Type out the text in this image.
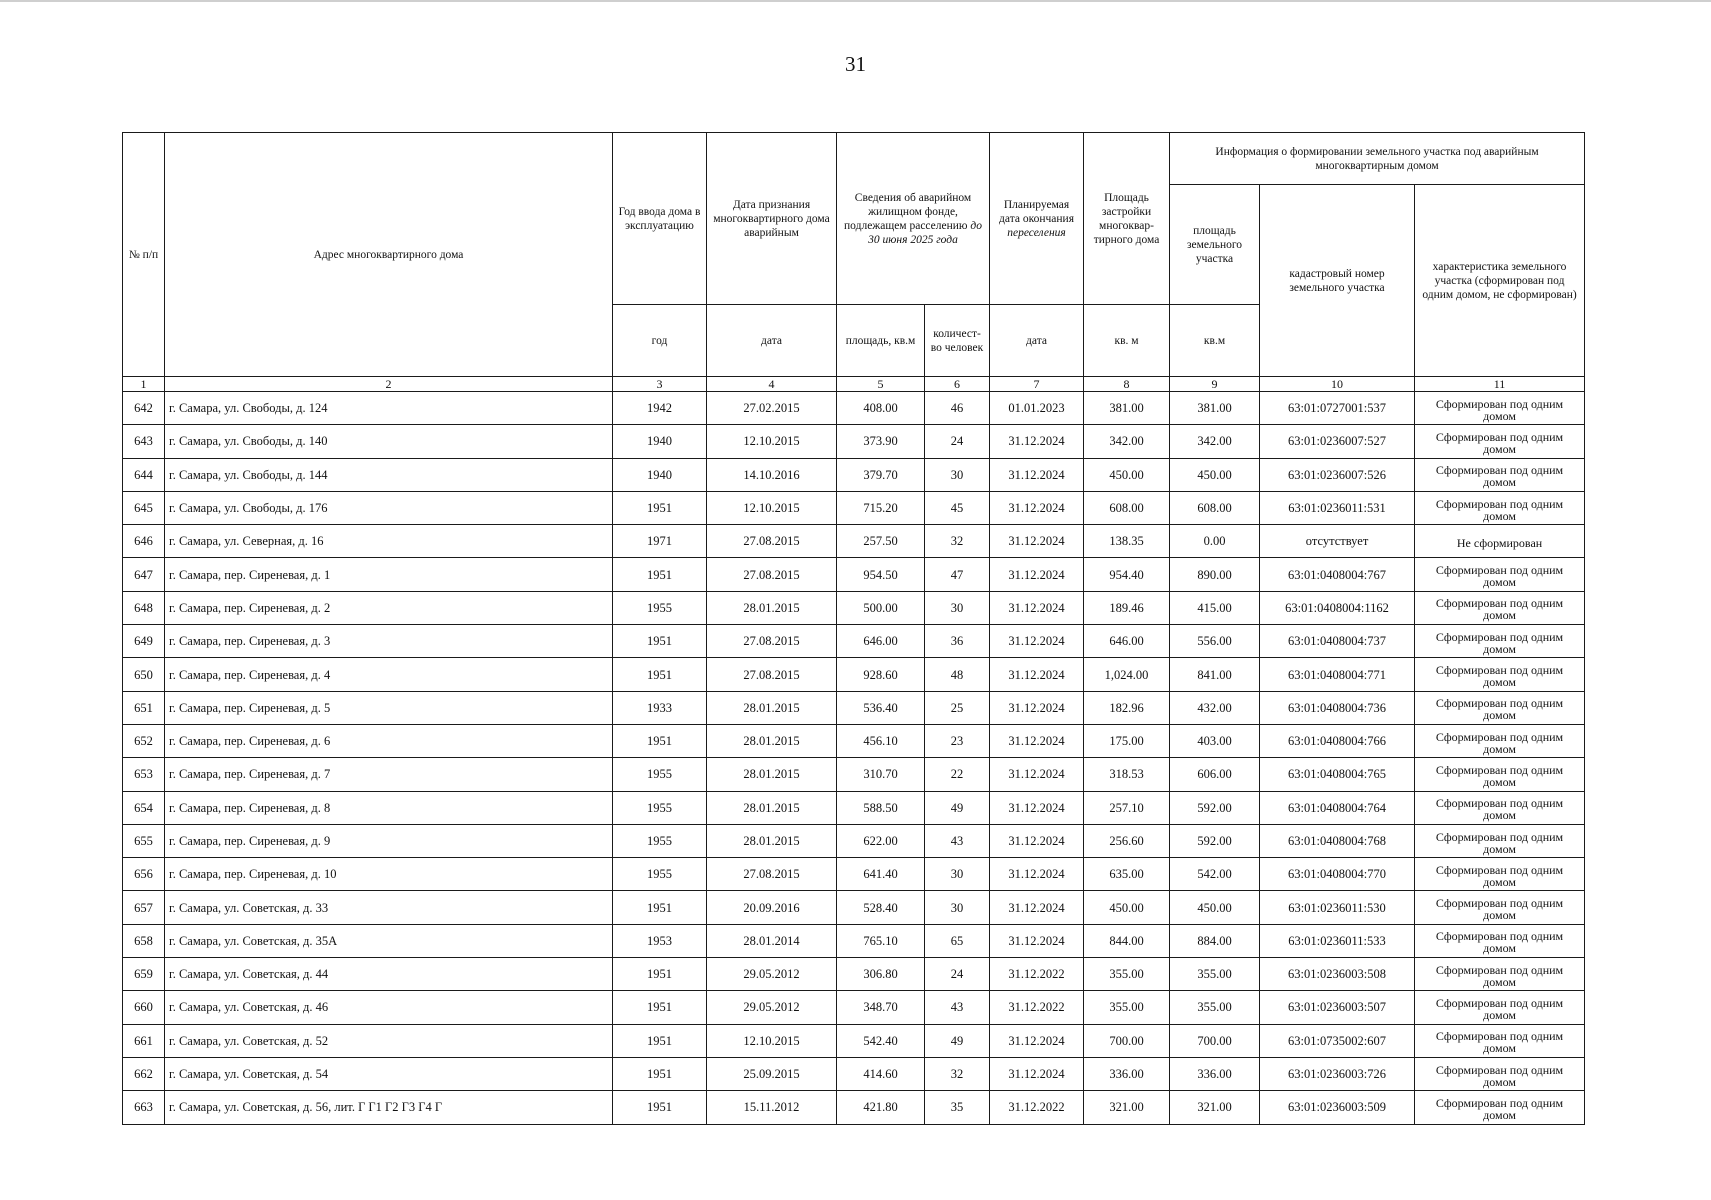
31
№ п/п	Адрес многоквартирного дома	Год ввода дома в эксплуатацию	Дата признания многоквартирного дома аварийным	Сведения об аварийном жилищном фонде, подлежащем расселению до 30 июня 2025 года		Планируемая дата окончания переселения	Площадь застройки многоквар-тирного дома	Информация о формировании земельного участка под аварийным многоквартирным домом		
								площадь земельного участка	кадастровый номер земельного участка	характеристика земельного участка (сформирован под одним домом, не сформирован)
		год	дата	площадь, кв.м	количест-во человек	дата	кв. м	кв.м		
1	2	3	4	5	6	7	8	9	10	11
642	г. Самара, ул. Свободы, д. 124	1942	27.02.2015	408.00	46	01.01.2023	381.00	381.00	63:01:0727001:537	Сформирован под одним домом
643	г. Самара, ул. Свободы, д. 140	1940	12.10.2015	373.90	24	31.12.2024	342.00	342.00	63:01:0236007:527	Сформирован под одним домом
644	г. Самара, ул. Свободы, д. 144	1940	14.10.2016	379.70	30	31.12.2024	450.00	450.00	63:01:0236007:526	Сформирован под одним домом
645	г. Самара, ул. Свободы, д. 176	1951	12.10.2015	715.20	45	31.12.2024	608.00	608.00	63:01:0236011:531	Сформирован под одним домом
646	г. Самара, ул. Северная, д. 16	1971	27.08.2015	257.50	32	31.12.2024	138.35	0.00	отсутствует	Не сформирован
647	г. Самара, пер. Сиреневая, д. 1	1951	27.08.2015	954.50	47	31.12.2024	954.40	890.00	63:01:0408004:767	Сформирован под одним домом
648	г. Самара, пер. Сиреневая, д. 2	1955	28.01.2015	500.00	30	31.12.2024	189.46	415.00	63:01:0408004:1162	Сформирован под одним домом
649	г. Самара, пер. Сиреневая, д. 3	1951	27.08.2015	646.00	36	31.12.2024	646.00	556.00	63:01:0408004:737	Сформирован под одним домом
650	г. Самара, пер. Сиреневая, д. 4	1951	27.08.2015	928.60	48	31.12.2024	1,024.00	841.00	63:01:0408004:771	Сформирован под одним домом
651	г. Самара, пер. Сиреневая, д. 5	1933	28.01.2015	536.40	25	31.12.2024	182.96	432.00	63:01:0408004:736	Сформирован под одним домом
652	г. Самара, пер. Сиреневая, д. 6	1951	28.01.2015	456.10	23	31.12.2024	175.00	403.00	63:01:0408004:766	Сформирован под одним домом
653	г. Самара, пер. Сиреневая, д. 7	1955	28.01.2015	310.70	22	31.12.2024	318.53	606.00	63:01:0408004:765	Сформирован под одним домом
654	г. Самара, пер. Сиреневая, д. 8	1955	28.01.2015	588.50	49	31.12.2024	257.10	592.00	63:01:0408004:764	Сформирован под одним домом
655	г. Самара, пер. Сиреневая, д. 9	1955	28.01.2015	622.00	43	31.12.2024	256.60	592.00	63:01:0408004:768	Сформирован под одним домом
656	г. Самара, пер. Сиреневая, д. 10	1955	27.08.2015	641.40	30	31.12.2024	635.00	542.00	63:01:0408004:770	Сформирован под одним домом
657	г. Самара, ул. Советская, д. 33	1951	20.09.2016	528.40	30	31.12.2024	450.00	450.00	63:01:0236011:530	Сформирован под одним домом
658	г. Самара, ул. Советская, д. 35А	1953	28.01.2014	765.10	65	31.12.2024	844.00	884.00	63:01:0236011:533	Сформирован под одним домом
659	г. Самара, ул. Советская, д. 44	1951	29.05.2012	306.80	24	31.12.2022	355.00	355.00	63:01:0236003:508	Сформирован под одним домом
660	г. Самара, ул. Советская, д. 46	1951	29.05.2012	348.70	43	31.12.2022	355.00	355.00	63:01:0236003:507	Сформирован под одним домом
661	г. Самара, ул. Советская, д. 52	1951	12.10.2015	542.40	49	31.12.2024	700.00	700.00	63:01:0735002:607	Сформирован под одним домом
662	г. Самара, ул. Советская, д. 54	1951	25.09.2015	414.60	32	31.12.2024	336.00	336.00	63:01:0236003:726	Сформирован под одним домом
663	г. Самара, ул. Советская, д. 56, лит. Г Г1 Г2 Г3 Г4 Г	1951	15.11.2012	421.80	35	31.12.2022	321.00	321.00	63:01:0236003:509	Сформирован под одним домом
